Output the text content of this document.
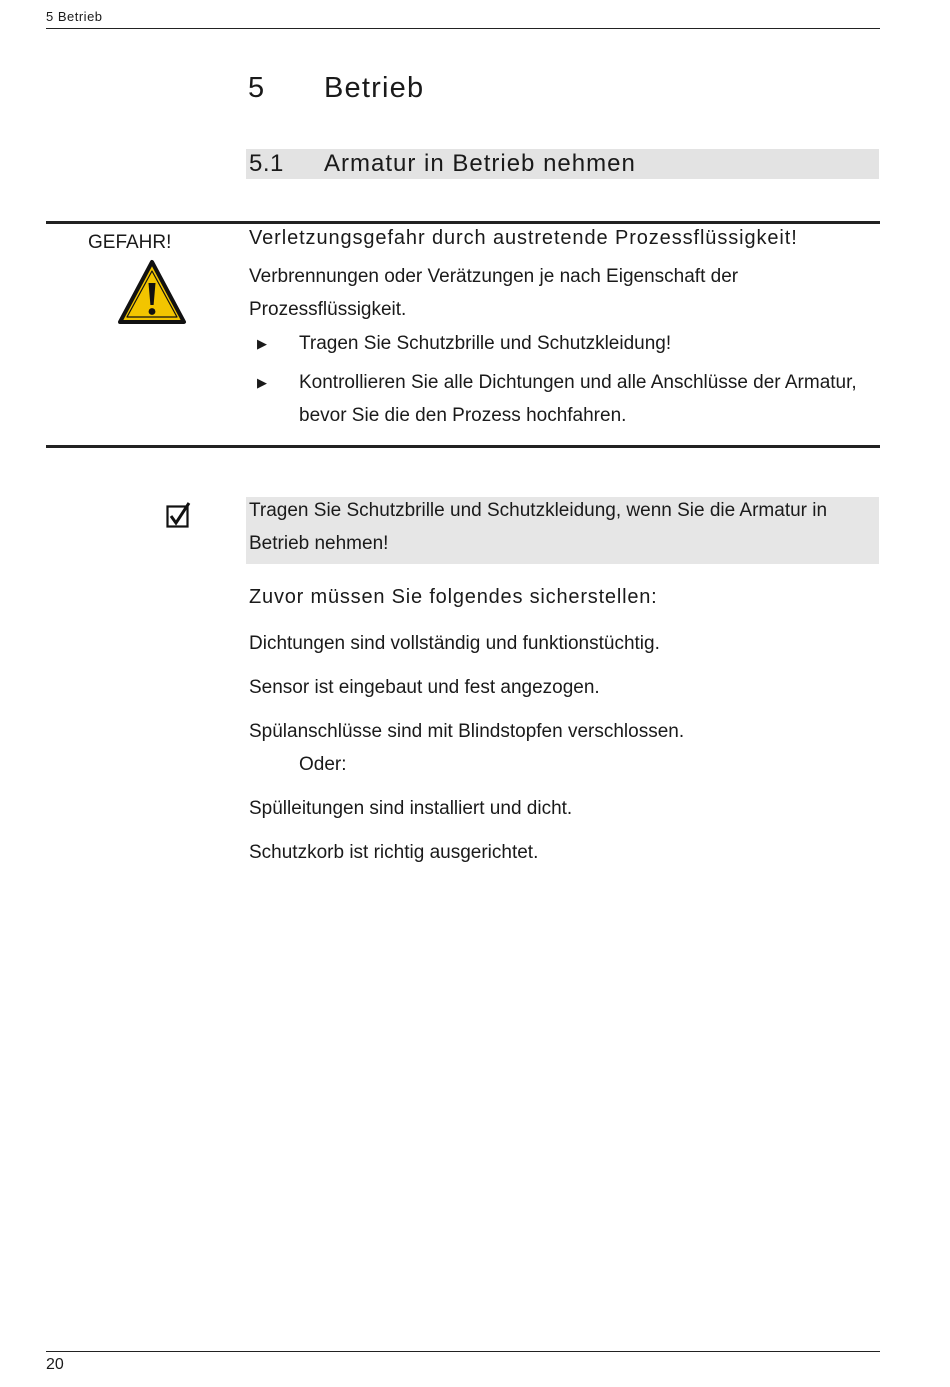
5 Betrieb
5 Betrieb
5.1 Armatur in Betrieb nehmen
GEFAHR!	Verletzungsgefahr durch austretende Prozessflüssigkeit!
Verbrennungen oder Verätzungen je nach Eigenschaft der Prozessflüssigkeit.
▶ Tragen Sie Schutzbrille und Schutzkleidung!
▶ Kontrollieren Sie alle Dichtungen und alle Anschlüsse der Armatur, bevor Sie die den Prozess hochfahren.
Tragen Sie Schutzbrille und Schutzkleidung, wenn Sie die Armatur in Betrieb nehmen!
Zuvor müssen Sie folgendes sicherstellen:
Dichtungen sind vollständig und funktionstüchtig.
Sensor ist eingebaut und fest angezogen.
Spülanschlüsse sind mit Blindstopfen verschlossen.
Oder:
Spülleitungen sind installiert und dicht.
Schutzkorb ist richtig ausgerichtet.
20
